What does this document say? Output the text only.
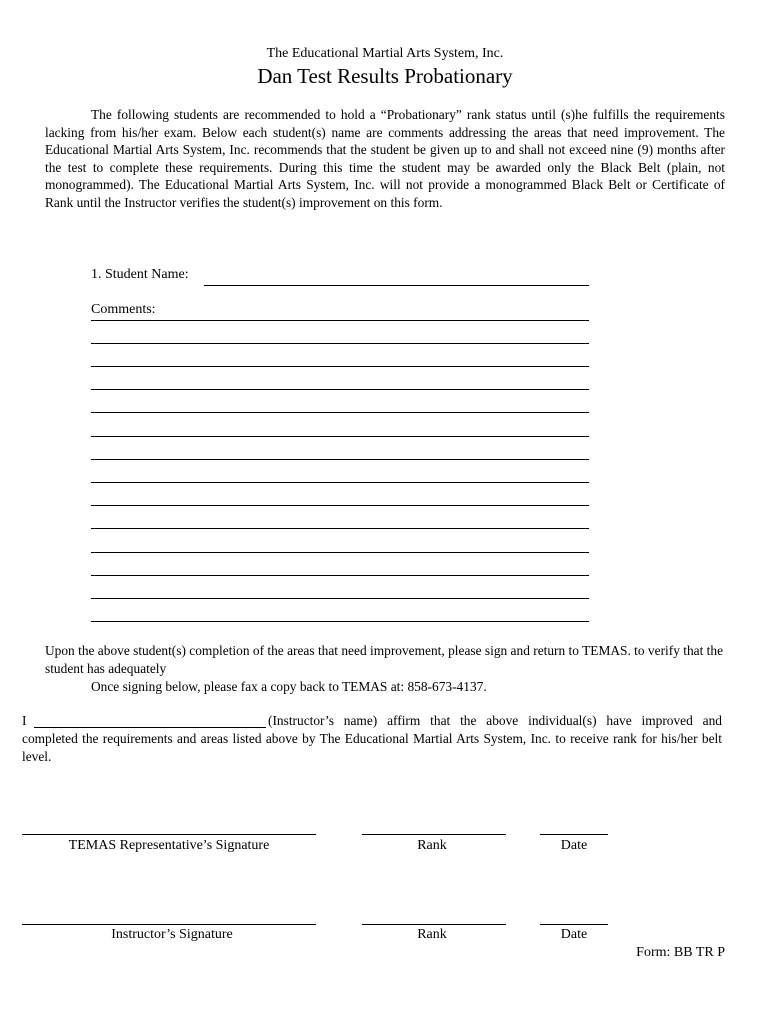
The Educational Martial Arts System, Inc.
Dan Test Results Probationary
The following students are recommended to hold a “Probationary” rank status until (s)he fulfills the requirements lacking from his/her exam. Below each student(s) name are comments addressing the areas that need improvement. The Educational Martial Arts System, Inc. recommends that the student be given up to and shall not exceed nine (9) months after the test to complete these requirements. During this time the student may be awarded only the Black Belt (plain, not monogrammed). The Educational Martial Arts System, Inc. will not provide a monogrammed Black Belt or Certificate of Rank until the Instructor verifies the student(s) improvement on this form.
1. Student Name:
Comments:
Upon the above student(s) completion of the areas that need improvement, please sign and return to TEMAS. to verify that the student has adequately
Once signing below, please fax a copy back to TEMAS at: 858-673-4137.
I	(Instructor’s name) affirm that the above individual(s) have improved and completed the requirements and areas listed above by The Educational Martial Arts System, Inc. to receive rank for his/her belt level.
TEMAS Representative’s Signature	Rank	Date
Instructor’s Signature	Rank	Date
Form: BB TR P
